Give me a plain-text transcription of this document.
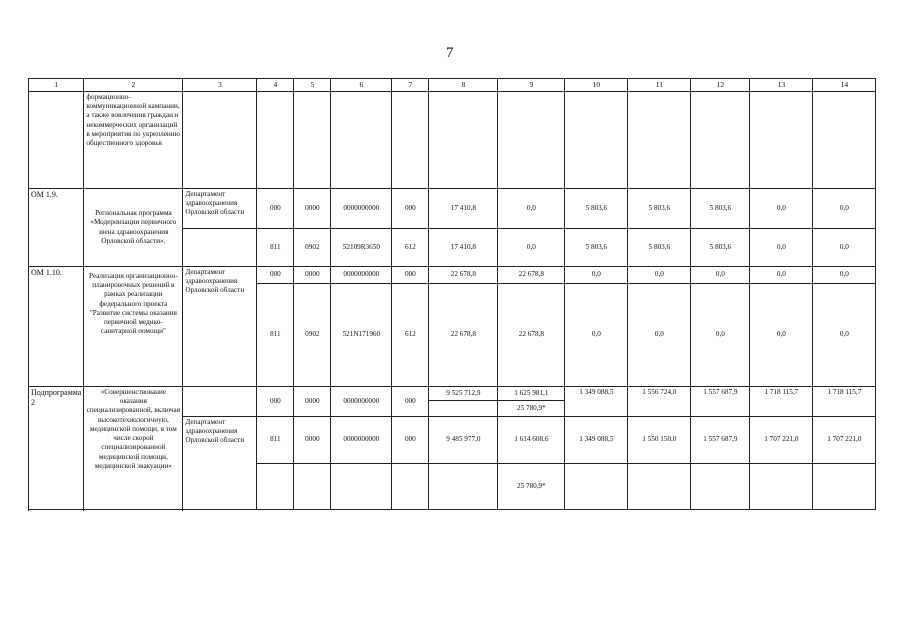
7
1	2	3	4	5	6	7	8	9	10	11	12	13	14
	формационно-коммуникационной кампании, а также вовлечения граждан и некоммерческих организаций в мероприятия по укреплению общественного здоровья												
ОМ 1.9.	Региональная программа «Модернизации первичного звена здравоохранения Орловской области».	Департамент здравоохранения Орловской области	000	0000	0000000000	000	17 410,8	0,0	5 803,6	5 803,6	5 803,6	0,0	0,0
			811	0902	52109R3650	612	17 410,8	0,0	5 803,6	5 803,6	5 803,6	0,0	0,0
ОМ 1.10.	Реализация организационно-планировочных решений в рамках реализации федерального проекта "Развитие системы оказания первичной медико-санитарной помощи"	Департамент здравоохранения Орловской области	000	0000	0000000000	000	22 678,8	22 678,8	0,0	0,0	0,0	0,0	0,0
			811	0902	521N171960	612	22 678,8	22 678,8	0,0	0,0	0,0	0,0	0,0
Подпрограмма 2	«Совершенствование оказания специализированной, включая высокотехнологичную, медицинской помощи, в том числе скорой специализированной медицинской помощи, медицинской эвакуации»		000	0000	0000000000	000	9 525 712,9	1 625 981,1	1 349 088,5	1 556 724,0	1 557 687,9	1 718 115,7	1 718 115,7
								25 780,9*					
		Департамент здравоохранения Орловской области	811	0000	0000000000	000	9 485 977,0	1 614 608,6	1 349 088,5	1 550 150,0	1 557 687,9	1 707 221,0	1 707 221,0
								25 780,9*					
